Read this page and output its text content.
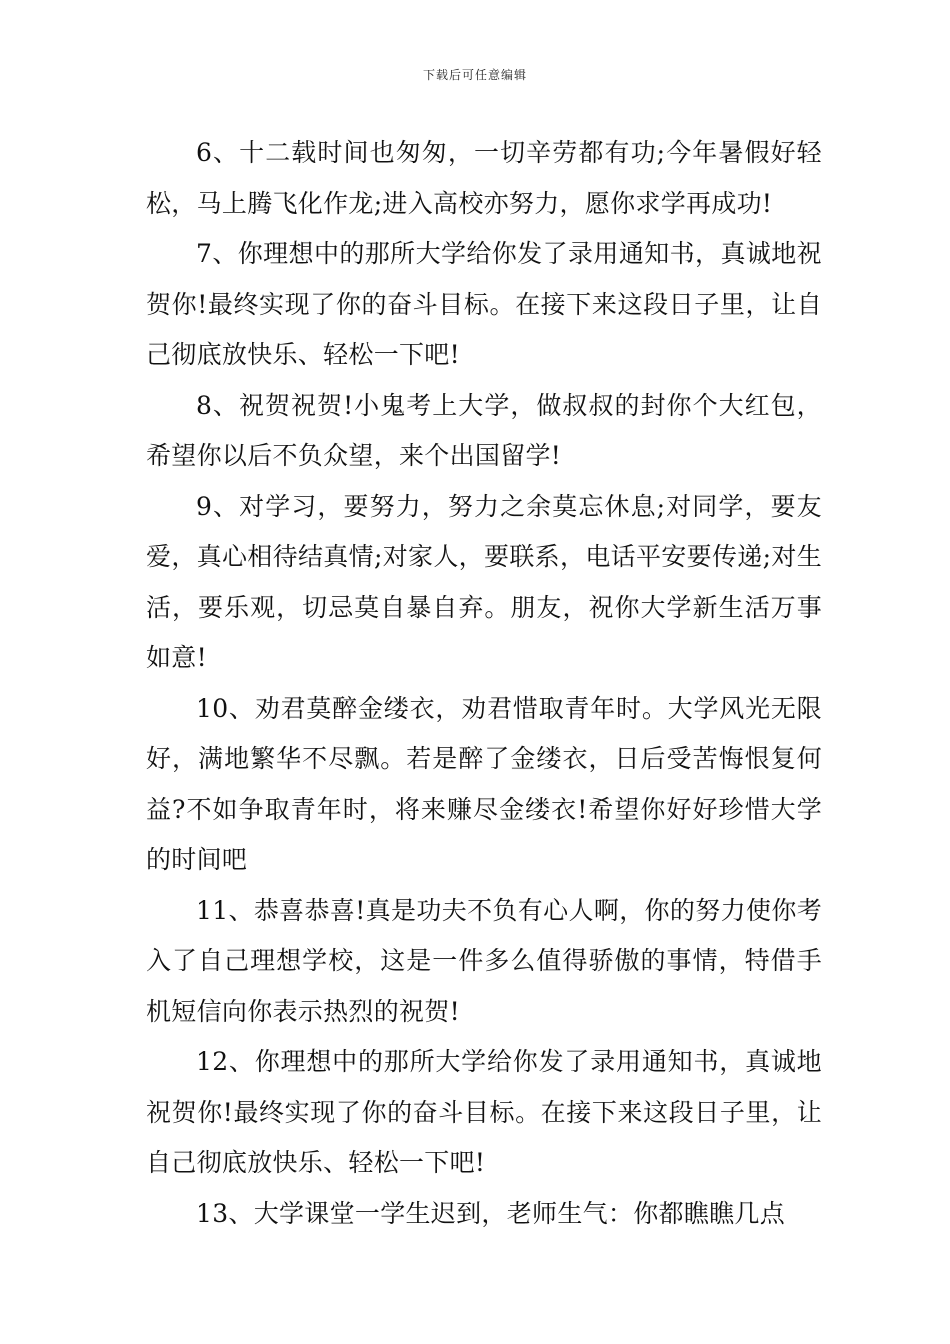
下载后可任意编辑

6、十二载时间也匆匆，一切辛劳都有功;今年暑假好轻松，马上腾飞化作龙;进入高校亦努力，愿你求学再成功!

7、你理想中的那所大学给你发了录用通知书，真诚地祝贺你!最终实现了你的奋斗目标。在接下来这段日子里，让自己彻底放快乐、轻松一下吧!

8、祝贺祝贺!小鬼考上大学，做叔叔的封你个大红包，希望你以后不负众望，来个出国留学!

9、对学习，要努力，努力之余莫忘休息;对同学，要友爱，真心相待结真情;对家人，要联系，电话平安要传递;对生活，要乐观，切忌莫自暴自弃。朋友，祝你大学新生活万事如意!

10、劝君莫醉金缕衣，劝君惜取青年时。大学风光无限好，满地繁华不尽飘。若是醉了金缕衣，日后受苦悔恨复何益?不如争取青年时，将来赚尽金缕衣!希望你好好珍惜大学的时间吧

11、恭喜恭喜!真是功夫不负有心人啊，你的努力使你考入了自己理想学校，这是一件多么值得骄傲的事情，特借手机短信向你表示热烈的祝贺!

12、你理想中的那所大学给你发了录用通知书，真诚地祝贺你!最终实现了你的奋斗目标。在接下来这段日子里，让自己彻底放快乐、轻松一下吧!

13、大学课堂一学生迟到，老师生气：你都瞧瞧几点
